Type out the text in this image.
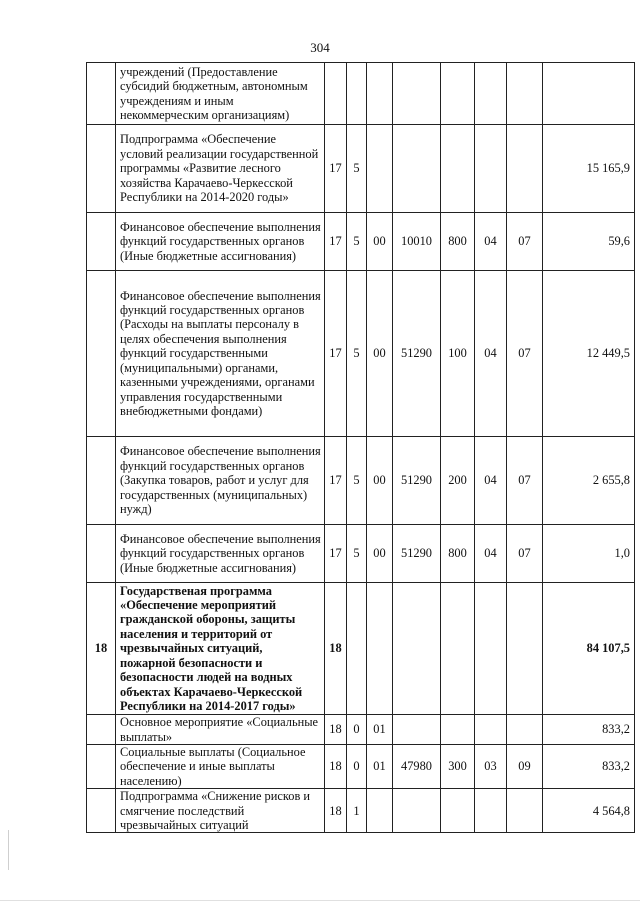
304
	учреждений (Предоставление субсидий бюджетным, автономным учреждениям и иным некоммерческим организациям)								
	Подпрограмма «Обеспечение условий реализации государственной программы «Развитие лесного хозяйства Карачаево-Черкесской Республики на 2014-2020 годы»	17	5						15 165,9
	Финансовое обеспечение выполнения функций государственных органов (Иные бюджетные ассигнования)	17	5	00	10010	800	04	07	59,6
	Финансовое обеспечение выполнения функций государственных органов (Расходы на выплаты персоналу в целях обеспечения выполнения функций государственными (муниципальными) органами, казенными учреждениями, органами управления государственными внебюджетными фондами)	17	5	00	51290	100	04	07	12 449,5
	Финансовое обеспечение выполнения функций государственных органов (Закупка товаров, работ и услуг для государственных (муниципальных) нужд)	17	5	00	51290	200	04	07	2 655,8
	Финансовое обеспечение выполнения функций государственных органов (Иные бюджетные ассигнования)	17	5	00	51290	800	04	07	1,0
18	Государственая программа «Обеспечение мероприятий гражданской обороны, защиты населения и территорий от чрезвычайных ситуаций, пожарной безопасности и безопасности людей на водных объектах Карачаево-Черкесской Республики на 2014-2017 годы»	18							84 107,5
	Основное мероприятие «Социальные выплаты»	18	0	01					833,2
	Социальные выплаты (Социальное обеспечение и иные выплаты населению)	18	0	01	47980	300	03	09	833,2
	Подпрограмма «Снижение рисков и смягчение последствий чрезвычайных ситуаций	18	1						4 564,8
